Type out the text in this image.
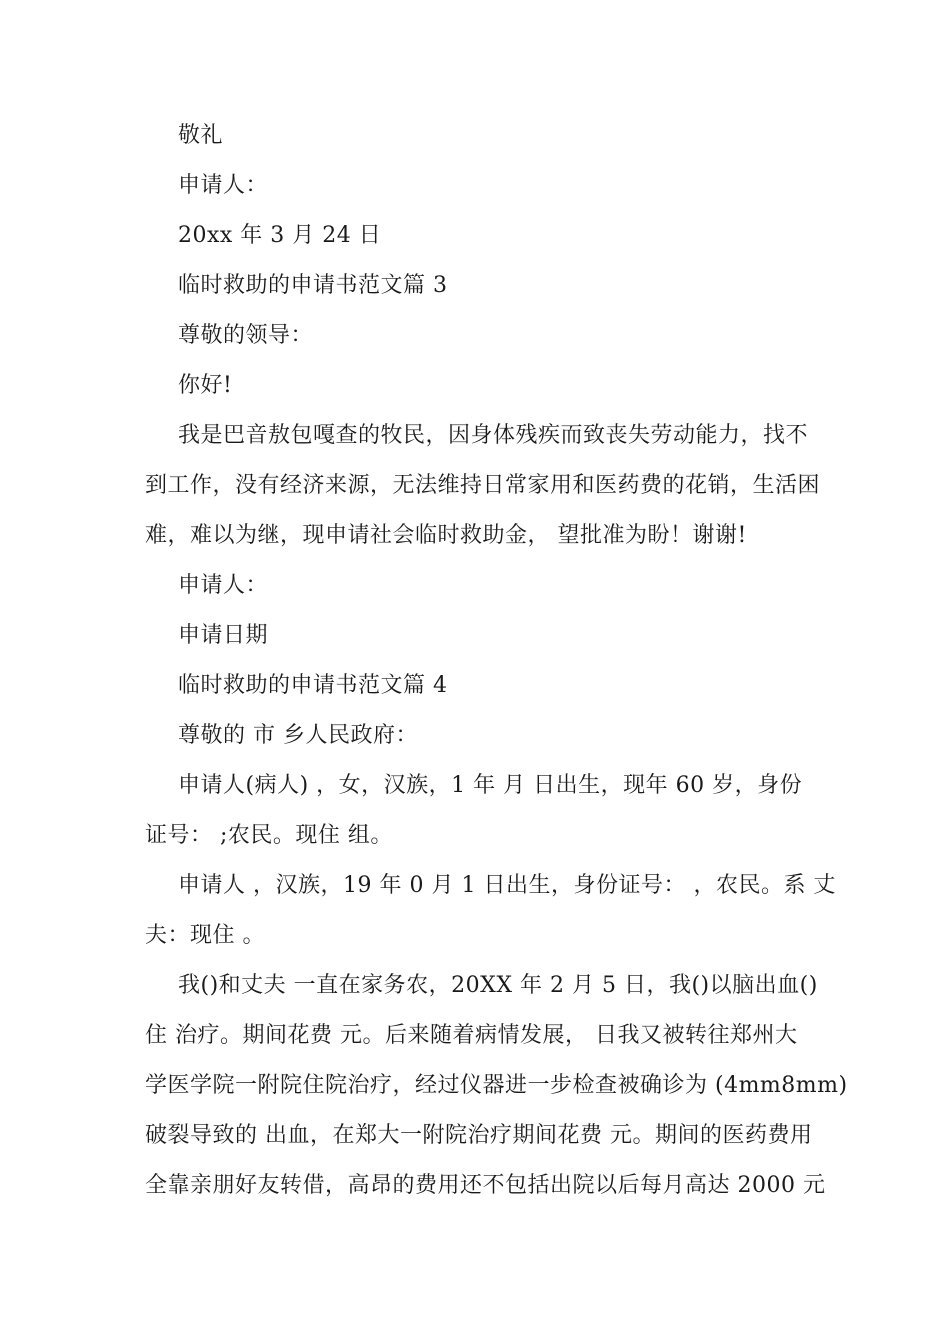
敬礼
申请人：
20xx 年 3 月 24 日
临时救助的申请书范文篇 3
尊敬的领导：
你好!
我是巴音敖包嘎查的牧民，因身体残疾而致丧失劳动能力，找不
到工作，没有经济来源，无法维持日常家用和医药费的花销，生活困
难，难以为继，现申请社会临时救助金， 望批准为盼！谢谢!
申请人：
申请日期
临时救助的申请书范文篇 4
尊敬的 市 乡人民政府：
申请人(病人) ，女，汉族，1 年 月 日出生，现年 60 岁，身份
证号： ;农民。现住 组。
申请人 ，汉族，19 年 0 月 1 日出生，身份证号： ，农民。系 丈
夫：现住 。
我()和丈夫 一直在家务农，20XX 年 2 月 5 日，我()以脑出血()
住 治疗。期间花费 元。后来随着病情发展， 日我又被转往郑州大
学医学院一附院住院治疗，经过仪器进一步检查被确诊为 (4mm8mm)
破裂导致的 出血，在郑大一附院治疗期间花费 元。期间的医药费用
全靠亲朋好友转借，高昂的费用还不包括出院以后每月高达 2000 元
